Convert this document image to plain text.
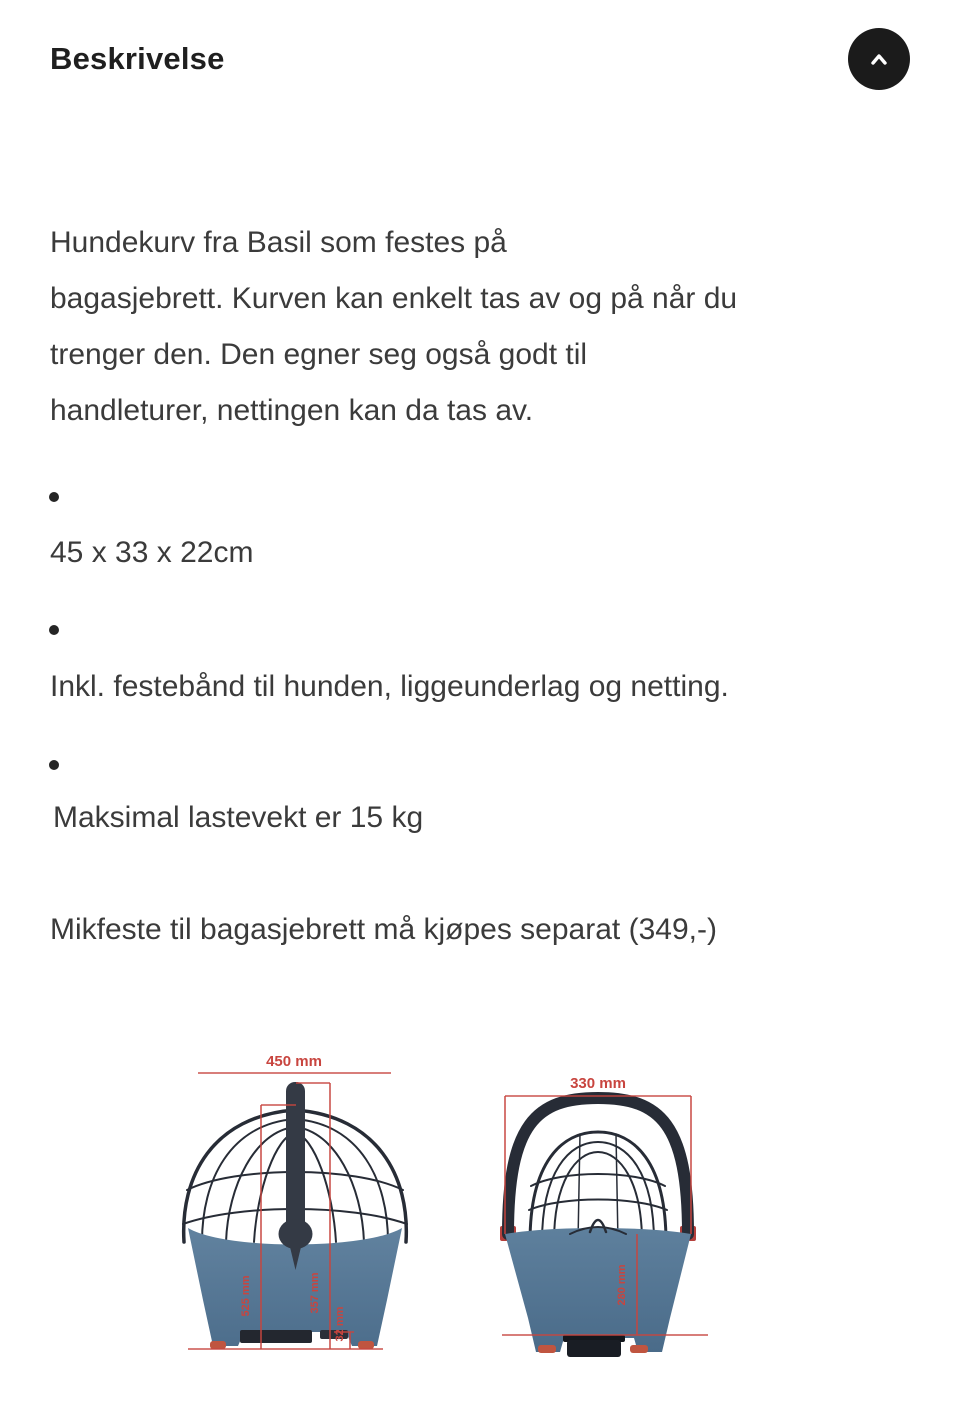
Beskrivelse
Hundekurv fra Basil som festes på
bagasjebrett. Kurven kan enkelt tas av og på når du
trenger den. Den egner seg også godt til
handleturer, nettingen kan da tas av.
45 x 33 x 22cm
Inkl. festebånd til hunden, liggeunderlag og netting.
Maksimal lastevekt er 15 kg
Mikfeste til bagasjebrett må kjøpes separat (349,-)
450 mm
525 mm	357 mm
32 mm
330 mm
280 mm
